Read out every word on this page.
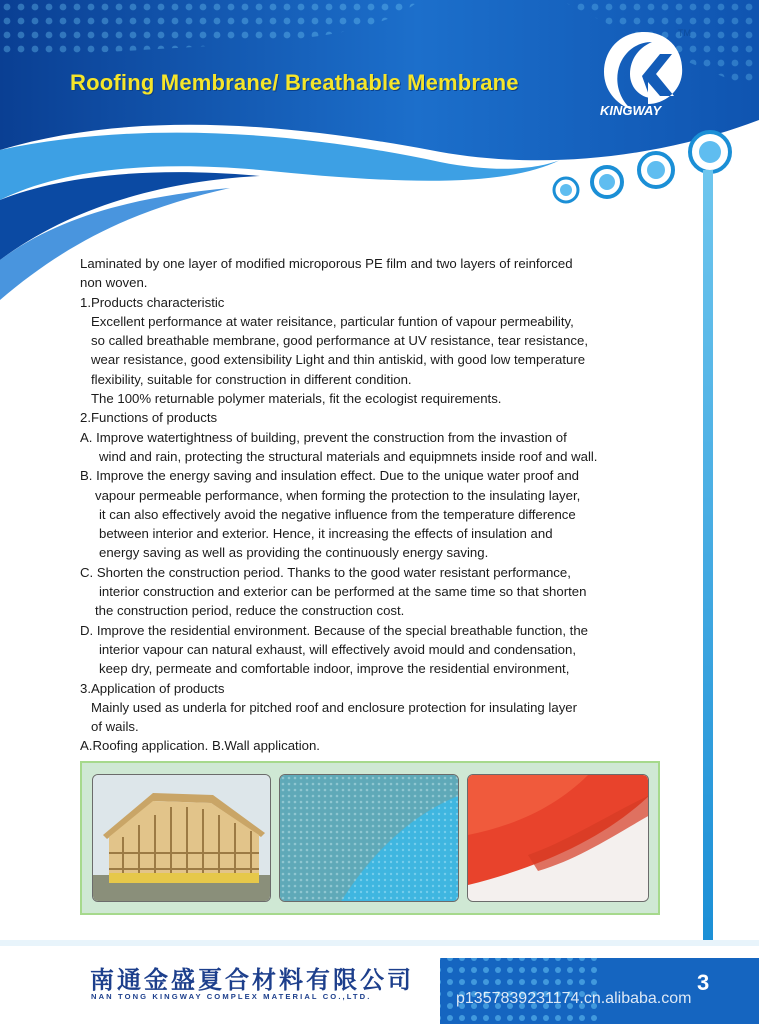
Roofing Membrane/ Breathable Membrane
TM
KINGWAY

Laminated by one layer of modified microporous PE film and two layers of reinforced

non woven.

1.Products characteristic

Excellent performance at water reisitance, particular funtion of vapour permeability,

so called breathable membrane, good performance at UV resistance, tear resistance,

wear resistance, good extensibility Light and thin antiskid, with good low temperature

flexibility, suitable for construction in different condition.

The 100% returnable polymer materials, fit the ecologist requirements.

2.Functions of products

A. Improve watertightness of building, prevent the construction from the invastion of

wind and rain, protecting the structural materials and equipmnets inside roof and wall.

B. Improve the energy saving and insulation effect. Due to the unique water proof and

vapour permeable performance, when forming the protection to the insulating layer,

it can also effectively avoid the negative influence from the temperature difference

between interior and exterior. Hence, it increasing the effects of insulation and

energy saving as well as providing the continuously energy saving.

C. Shorten the construction period. Thanks to the good water resistant performance,

interior construction and exterior can be performed at the same time so that shorten

the construction period, reduce the construction cost.

D. Improve the residential environment. Because of the special breathable function, the

interior vapour can natural exhaust, will effectively avoid mould and condensation,

keep dry, permeate and comfortable indoor, improve the residential environment,

3.Application of products

Mainly used as underla for pitched roof and enclosure protection for insulating layer

of wails.

A.Roofing application. B.Wall application.

南通金盛夏合材料有限公司
NAN TONG KINGWAY COMPLEX MATERIAL CO.,LTD.	p1357839231174.cn.alibaba.com
3
